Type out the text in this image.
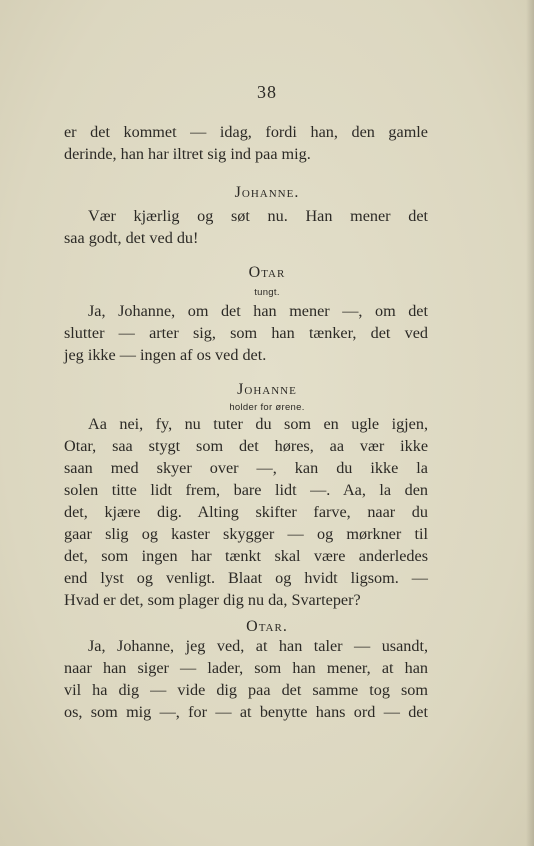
38
er det kommet — idag, fordi han, den gamle
derinde, han har iltret sig ind paa mig.
Johanne.
Vær kjærlig og søt nu. Han mener det
saa godt, det ved du!
Otar
tungt.
Ja, Johanne, om det han mener —, om det
slutter — arter sig, som han tænker, det ved
jeg ikke — ingen af os ved det.
Johanne
holder for ørene.
Aa nei, fy, nu tuter du som en ugle igjen,
Otar, saa stygt som det høres, aa vær ikke
saan med skyer over —, kan du ikke la
solen titte lidt frem, bare lidt —. Aa, la den
det, kjære dig. Alting skifter farve, naar du
gaar slig og kaster skygger — og mørkner til
det, som ingen har tænkt skal være anderledes
end lyst og venligt. Blaat og hvidt ligsom. —
Hvad er det, som plager dig nu da, Svarteper?
Otar.
Ja, Johanne, jeg ved, at han taler — usandt,
naar han siger — lader, som han mener, at han
vil ha dig — vide dig paa det samme tog som
os, som mig —, for — at benytte hans ord — det
